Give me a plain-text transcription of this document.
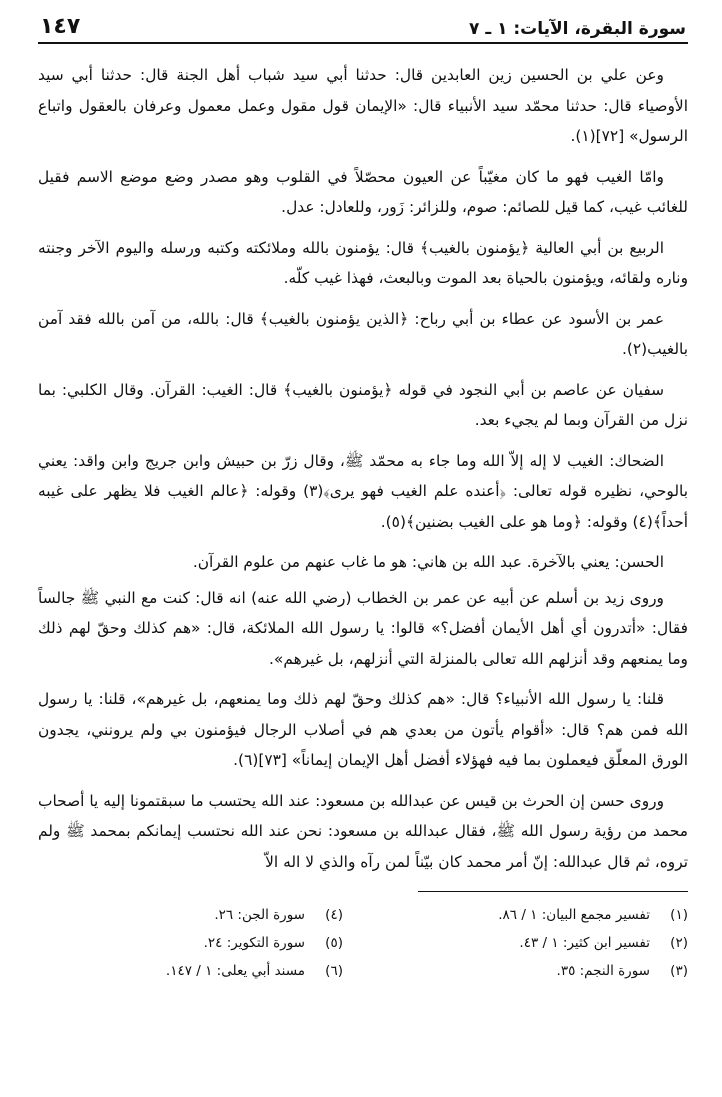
سورة البقرة، الآيات: ١ ـ ٧
١٤٧

وعن علي بن الحسين زين العابدين قال: حدثنا أبي سيد شباب أهل الجنة قال: حدثنا أبي سيد الأوصياء قال: حدثنا محمّد سيد الأنبياء قال: «الإيمان قول مقول وعمل معمول وعرفان بالعقول واتباع الرسول» [٧٢](١).

وامّا الغيب فهو ما كان مغيّباً عن العيون محصّلاً في القلوب وهو مصدر وضع موضع الاسم فقيل للغائب غيب، كما قيل للصائم: صوم، وللزائر: زَور، وللعادل: عدل.

الربيع بن أبي العالية ﴿يؤمنون بالغيب﴾ قال: يؤمنون بالله وملائكته وكتبه ورسله واليوم الآخر وجنته وناره ولقائه، ويؤمنون بالحياة بعد الموت وبالبعث، فهذا غيب كلّه.

عمر بن الأسود عن عطاء بن أبي رباح: ﴿الذين يؤمنون بالغيب﴾ قال: بالله، من آمن بالله فقد آمن بالغيب(٢).

سفيان عن عاصم بن أبي النجود في قوله ﴿يؤمنون بالغيب﴾ قال: الغيب: القرآن. وقال الكلبي: بما نزل من القرآن وبما لم يجيء بعد.

الضحاك: الغيب لا إله إلاّ الله وما جاء به محمّد ﷺ، وقال زرّ بن حبيش وابن جريج وابن واقد: يعني بالوحي، نظيره قوله تعالى: ﴿أعنده علم الغيب فهو يرى﴾(٣) وقوله: ﴿عالم الغيب فلا يظهر على غيبه أحداً﴾(٤) وقوله: ﴿وما هو على الغيب بضنين﴾(٥).

الحسن: يعني بالآخرة. عبد الله بن هاني: هو ما غاب عنهم من علوم القرآن.

وروى زيد بن أسلم عن أبيه عن عمر بن الخطاب (رضي الله عنه) انه قال: كنت مع النبي ﷺ جالساً فقال: «أتدرون أي أهل الأيمان أفضل؟» قالوا: يا رسول الله الملائكة، قال: «هم كذلك وحقّ لهم ذلك وما يمنعهم وقد أنزلهم الله تعالى بالمنزلة التي أنزلهم، بل غيرهم».

قلنا: يا رسول الله الأنبياء؟ قال: «هم كذلك وحقّ لهم ذلك وما يمنعهم، بل غيرهم»، قلنا: يا رسول الله فمن هم؟ قال: «أقوام يأتون من بعدي هم في أصلاب الرجال فيؤمنون بي ولم يرونني، يجدون الورق المعلّق فيعملون بما فيه فهؤلاء أفضل أهل الإيمان إيماناً» [٧٣](٦).

وروى حسن إن الحرث بن قيس عن عبدالله بن مسعود: عند الله يحتسب ما سبقتمونا إليه يا أصحاب محمد من رؤية رسول الله ﷺ، فقال عبدالله بن مسعود: نحن عند الله نحتسب إيمانكم بمحمد ﷺ ولم تروه، ثم قال عبدالله: إنّ أمر محمد كان بيّناً لمن رآه والذي لا اله الاّ

(١)
تفسير مجمع البيان: ١ / ٨٦.
(٤)
سورة الجن: ٢٦.
(٢)
تفسير ابن كثير: ١ / ٤٣.
(٥)
سورة التكوير: ٢٤.
(٣)
سورة النجم: ٣٥.
(٦)
مسند أبي يعلى: ١ / ١٤٧.
